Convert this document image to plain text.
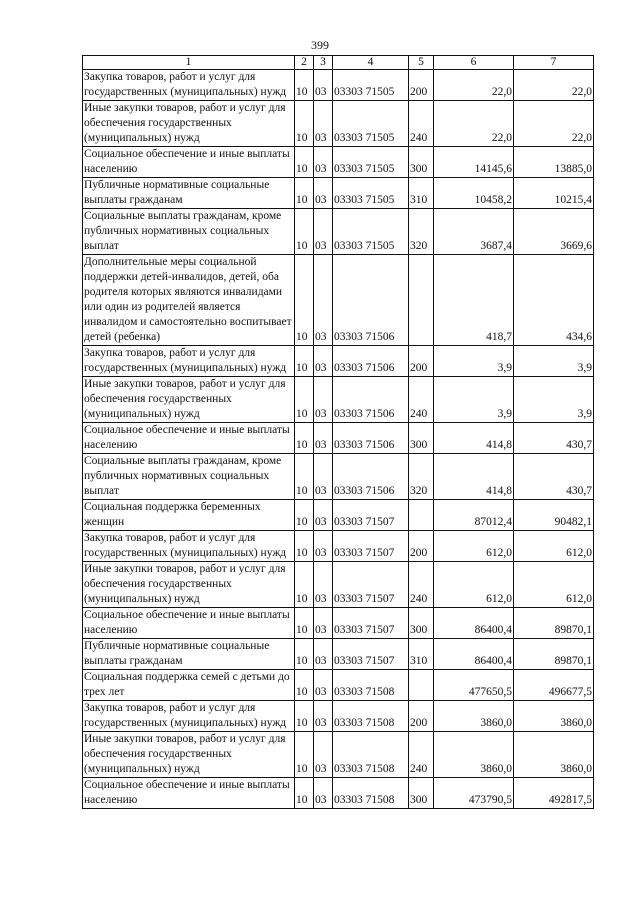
399
1	2	3	4	5	6	7
Закупка товаров, работ и услуг для государственных (муниципальных) нужд	10	03	03303 71505	200	22,0	22,0
Иные закупки товаров, работ и услуг для обеспечения государственных (муниципальных) нужд	10	03	03303 71505	240	22,0	22,0
Социальное обеспечение и иные выплаты населению	10	03	03303 71505	300	14145,6	13885,0
Публичные нормативные социальные выплаты гражданам	10	03	03303 71505	310	10458,2	10215,4
Социальные выплаты гражданам, кроме публичных нормативных социальных выплат	10	03	03303 71505	320	3687,4	3669,6
Дополнительные меры социальной поддержки детей-инвалидов, детей, оба родителя которых являются инвалидами или один из родителей является инвалидом и самостоятельно воспитывает детей (ребенка)	10	03	03303 71506		418,7	434,6
Закупка товаров, работ и услуг для государственных (муниципальных) нужд	10	03	03303 71506	200	3,9	3,9
Иные закупки товаров, работ и услуг для обеспечения государственных (муниципальных) нужд	10	03	03303 71506	240	3,9	3,9
Социальное обеспечение и иные выплаты населению	10	03	03303 71506	300	414,8	430,7
Социальные выплаты гражданам, кроме публичных нормативных социальных выплат	10	03	03303 71506	320	414,8	430,7
Социальная поддержка беременных женщин	10	03	03303 71507		87012,4	90482,1
Закупка товаров, работ и услуг для государственных (муниципальных) нужд	10	03	03303 71507	200	612,0	612,0
Иные закупки товаров, работ и услуг для обеспечения государственных (муниципальных) нужд	10	03	03303 71507	240	612,0	612,0
Социальное обеспечение и иные выплаты населению	10	03	03303 71507	300	86400,4	89870,1
Публичные нормативные социальные выплаты гражданам	10	03	03303 71507	310	86400,4	89870,1
Социальная поддержка семей с детьми до трех лет	10	03	03303 71508		477650,5	496677,5
Закупка товаров, работ и услуг для государственных (муниципальных) нужд	10	03	03303 71508	200	3860,0	3860,0
Иные закупки товаров, работ и услуг для обеспечения государственных (муниципальных) нужд	10	03	03303 71508	240	3860,0	3860,0
Социальное обеспечение и иные выплаты населению	10	03	03303 71508	300	473790,5	492817,5
